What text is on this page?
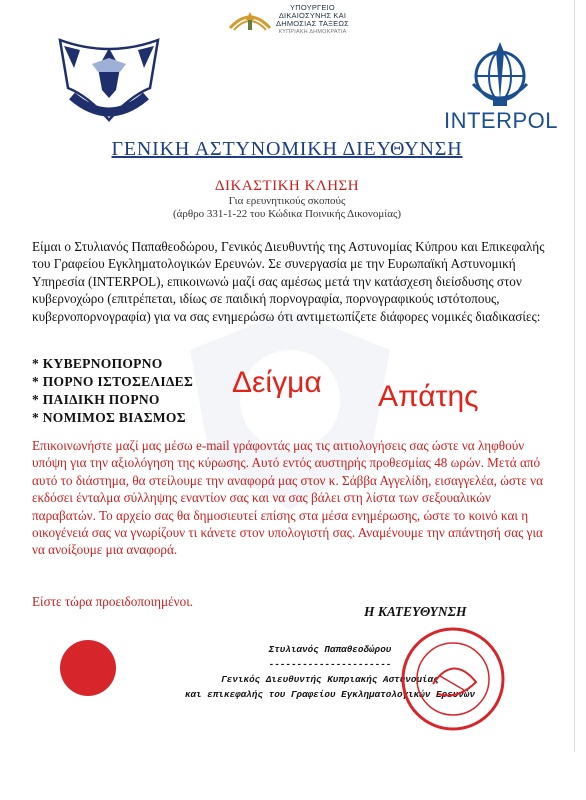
ΥΠΟΥΡΓΕΙΟ
ΔΙΚΑΙΟΣΥΝΗΣ ΚΑΙ
ΔΗΜΟΣΙΑΣ ΤΑΞΕΩΣ
ΚΥΠΡΙΑΚΗ ΔΗΜΟΚΡΑΤΙΑ
INTERPOL
ΓΕΝΙΚΗ ΑΣΤΥΝΟΜΙΚΗ ΔΙΕΥΘΥΝΣΗ
ΔΙΚΑΣΤΙΚΗ ΚΛΗΣΗ
Για ερευνητικούς σκοπούς
(άρθρο 331-1-22 του Κώδικα Ποινικής Δικονομίας)
Είμαι ο Στυλιανός Παπαθεοδώρου, Γενικός Διευθυντής της Αστυνομίας Κύπρου και Επικεφαλής του Γραφείου Εγκληματολογικών Ερευνών. Σε συνεργασία με την Ευρωπαϊκή Αστυνομική Υπηρεσία (INTERPOL), επικοινωνώ μαζί σας αμέσως μετά την κατάσχεση διείσδυσης στον κυβερνοχώρο (επιτρέπεται, ιδίως σε παιδική πορνογραφία, πορνογραφικούς ιστότοπους, κυβερνοπορνογραφία) για να σας ενημερώσω ότι αντιμετωπίζετε διάφορες νομικές διαδικασίες:
* ΚΥΒΕΡΝΟΠΟΡΝΟ
* ΠΟΡΝΟ ΙΣΤΟΣΕΛΙΔΕΣ
* ΠΑΙΔΙΚΗ ΠΟΡΝΟ
* ΝΟΜΙΜΟΣ ΒΙΑΣΜΟΣ
Δείγμα Απάτης
Επικοινωνήστε μαζί μας μέσω e-mail γράφοντάς μας τις αιτιολογήσεις σας ώστε να ληφθούν υπόψη για την αξιολόγηση της κύρωσης. Αυτό εντός αυστηρής προθεσμίας 48 ωρών. Μετά από αυτό το διάστημα, θα στείλουμε την αναφορά μας στον κ. Σάββα Αγγελίδη, εισαγγελέα, ώστε να εκδόσει ένταλμα σύλληψης εναντίον σας και να σας βάλει στη λίστα των σεξουαλικών παραβατών. Το αρχείο σας θα δημοσιευτεί επίσης στα μέσα ενημέρωσης, ώστε το κοινό και η οικογένειά σας να γνωρίζουν τι κάνετε στον υπολογιστή σας. Αναμένουμε την απάντησή σας για να ανοίξουμε μια αναφορά.
Είστε τώρα προειδοποιημένοι.
Η ΚΑΤΕΥΘΥΝΣΗ
Στυλιανός Παπαθεοδώρου
----------------------
Γενικός Διευθυντής Κυπριακής Αστυνομίας
και επικεφαλής του Γραφείου Εγκληματολογικών Ερευνών
